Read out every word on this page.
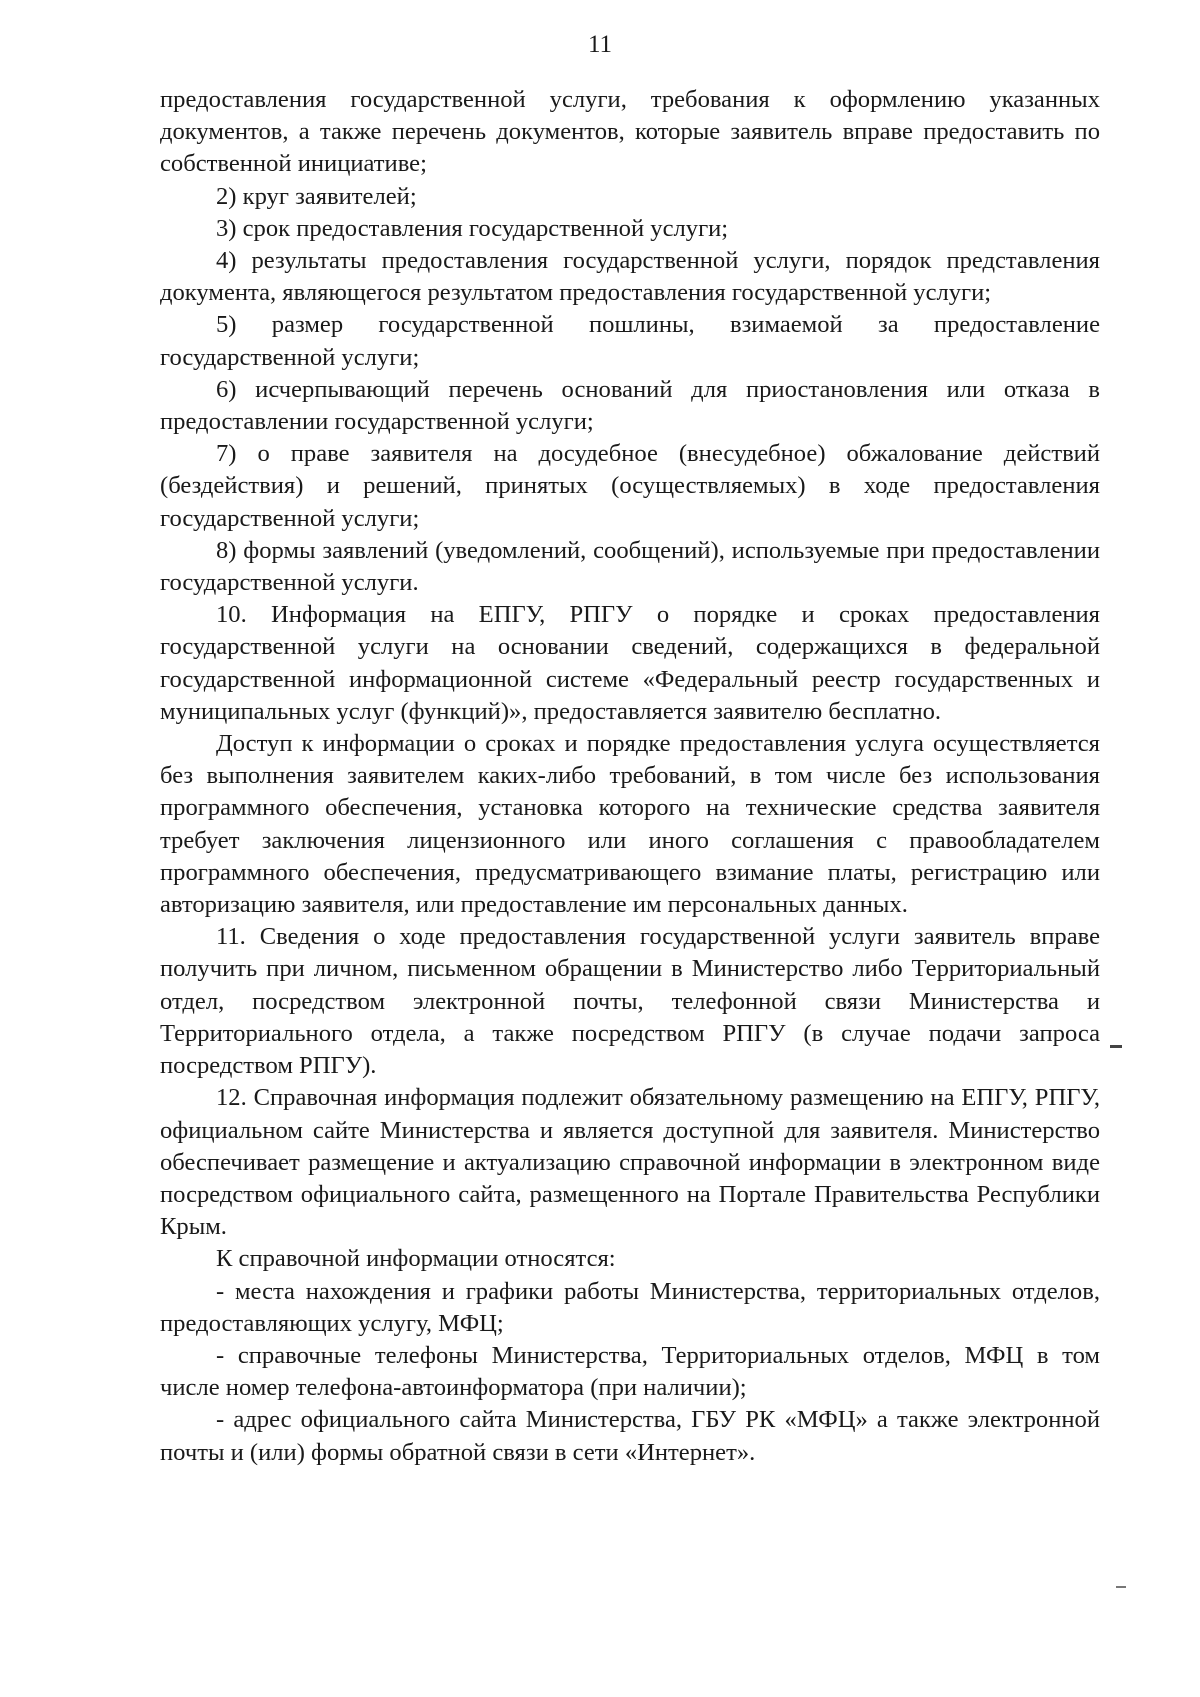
11

предоставления государственной услуги, требования к оформлению указанных документов, а также перечень документов, которые заявитель вправе предоставить по собственной инициативе;

2) круг заявителей;

3) срок предоставления государственной услуги;

4) результаты предоставления государственной услуги, порядок представления документа, являющегося результатом предоставления государственной услуги;

5) размер государственной пошлины, взимаемой за предоставление государственной услуги;

6) исчерпывающий перечень оснований для приостановления или отказа в предоставлении государственной услуги;

7) о праве заявителя на досудебное (внесудебное) обжалование действий (бездействия) и решений, принятых (осуществляемых) в ходе предоставления государственной услуги;

8) формы заявлений (уведомлений, сообщений), используемые при предоставлении государственной услуги.

10. Информация на ЕПГУ, РПГУ о порядке и сроках предоставления государственной услуги на основании сведений, содержащихся в федеральной государственной информационной системе «Федеральный реестр государственных и муниципальных услуг (функций)», предоставляется заявителю бесплатно.

Доступ к информации о сроках и порядке предоставления услуга осуществляется без выполнения заявителем каких-либо требований, в том числе без использования программного обеспечения, установка которого на технические средства заявителя требует заключения лицензионного или иного соглашения с правообладателем программного обеспечения, предусматривающего взимание платы, регистрацию или авторизацию заявителя, или предоставление им персональных данных.

11. Сведения о ходе предоставления государственной услуги заявитель вправе получить при личном, письменном обращении в Министерство либо Территориальный отдел, посредством электронной почты, телефонной связи Министерства и Территориального отдела, а также посредством РПГУ (в случае подачи запроса посредством РПГУ).

12. Справочная информация подлежит обязательному размещению на ЕПГУ, РПГУ, официальном сайте Министерства и является доступной для заявителя. Министерство обеспечивает размещение и актуализацию справочной информации в электронном виде посредством официального сайта, размещенного на Портале Правительства Республики Крым.

К справочной информации относятся:

- места нахождения и графики работы Министерства, территориальных отделов, предоставляющих услугу, МФЦ;

- справочные телефоны Министерства, Территориальных отделов, МФЦ в том числе номер телефона-автоинформатора (при наличии);

- адрес официального сайта Министерства, ГБУ РК «МФЦ» а также электронной почты и (или) формы обратной связи в сети «Интернет».
